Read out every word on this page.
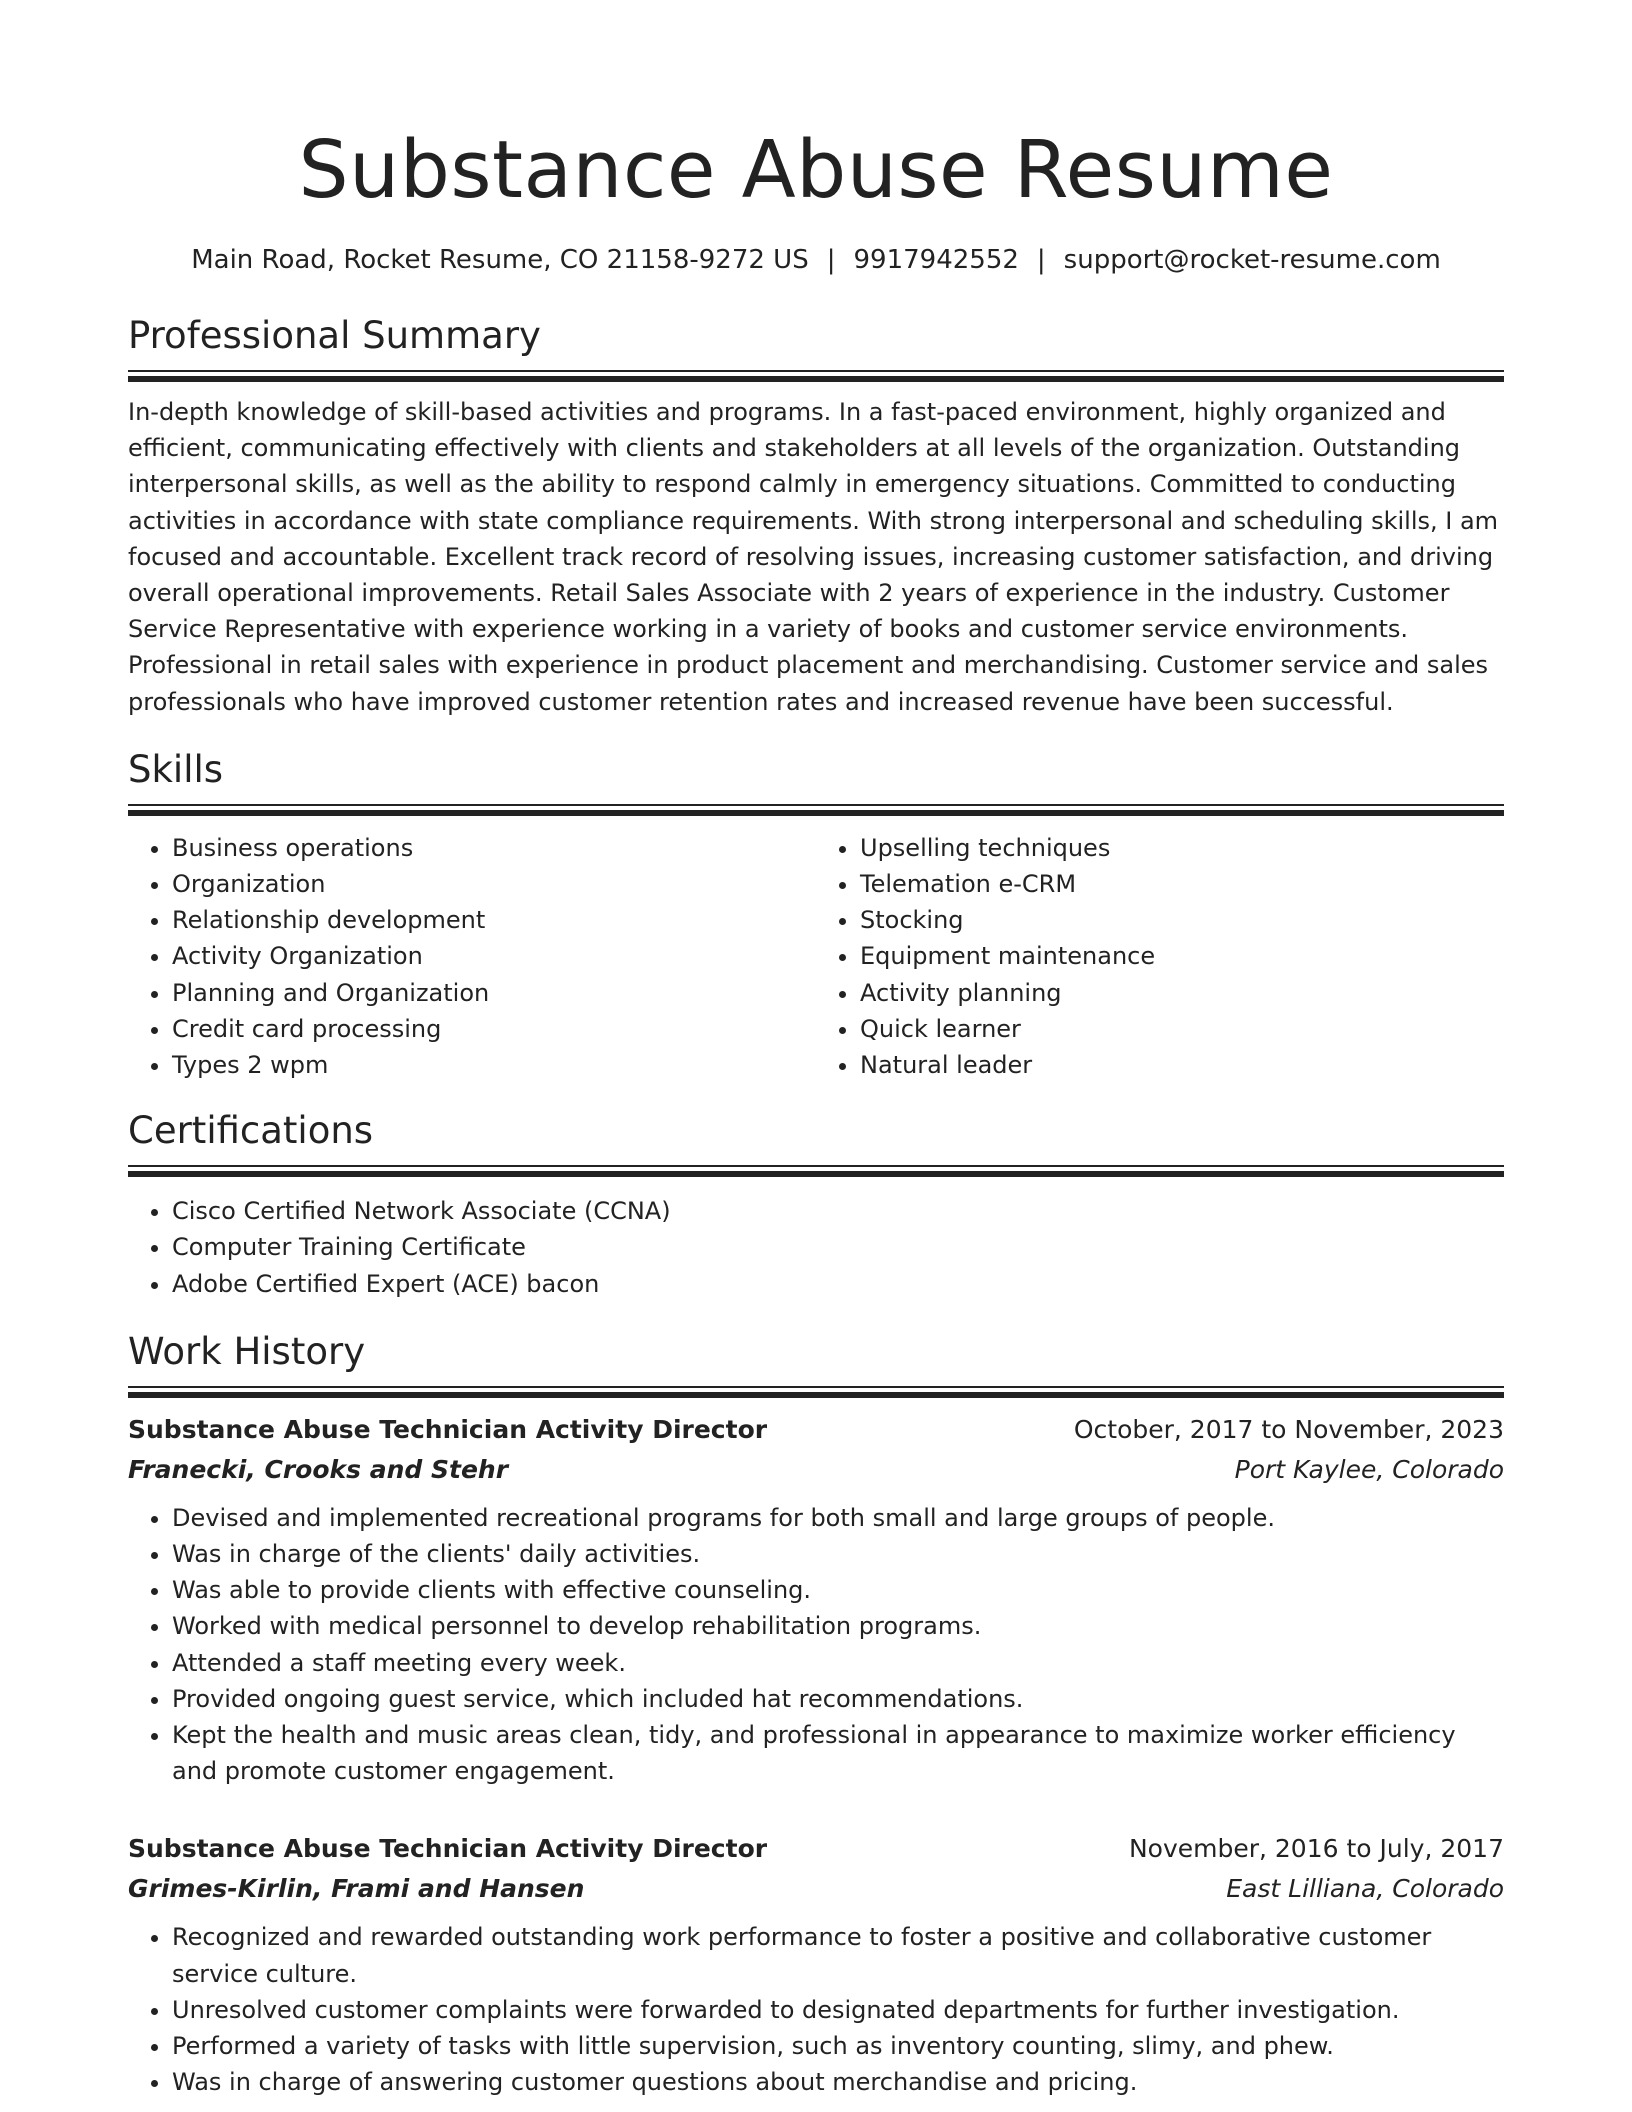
Substance Abuse Resume
Main Road, Rocket Resume, CO 21158-9272 US | 9917942552 | support@rocket-resume.com
Professional Summary

In-depth knowledge of skill-based activities and programs. In a fast-paced environment, highly organized and efficient, communicating effectively with clients and stakeholders at all levels of the organization. Outstanding interpersonal skills, as well as the ability to respond calmly in emergency situations. Committed to conducting activities in accordance with state compliance requirements. With strong interpersonal and scheduling skills, I am focused and accountable. Excellent track record of resolving issues, increasing customer satisfaction, and driving overall operational improvements. Retail Sales Associate with 2 years of experience in the industry. Customer Service Representative with experience working in a variety of books and customer service environments. Professional in retail sales with experience in product placement and merchandising. Customer service and sales professionals who have improved customer retention rates and increased revenue have been successful.

Skills
• Business operations
• Organization
• Relationship development
• Activity Organization
• Planning and Organization
• Credit card processing
• Types 2 wpm
• Upselling techniques
• Telemation e-CRM
• Stocking
• Equipment maintenance
• Activity planning
• Quick learner
• Natural leader
Certifications
• Cisco Certified Network Associate (CCNA)
• Computer Training Certificate
• Adobe Certified Expert (ACE) bacon
Work History
Substance Abuse Technician Activity Director	October, 2017 to November, 2023
Franecki, Crooks and Stehr	Port Kaylee, Colorado
• Devised and implemented recreational programs for both small and large groups of people.
• Was in charge of the clients' daily activities.
• Was able to provide clients with effective counseling.
• Worked with medical personnel to develop rehabilitation programs.
• Attended a staff meeting every week.
• Provided ongoing guest service, which included hat recommendations.
• Kept the health and music areas clean, tidy, and professional in appearance to maximize worker efficiency and promote customer engagement.
Substance Abuse Technician Activity Director	November, 2016 to July, 2017
Grimes-Kirlin, Frami and Hansen	East Lilliana, Colorado
• Recognized and rewarded outstanding work performance to foster a positive and collaborative customer service culture.
• Unresolved customer complaints were forwarded to designated departments for further investigation.
• Performed a variety of tasks with little supervision, such as inventory counting, slimy, and phew.
• Was in charge of answering customer questions about merchandise and pricing.
